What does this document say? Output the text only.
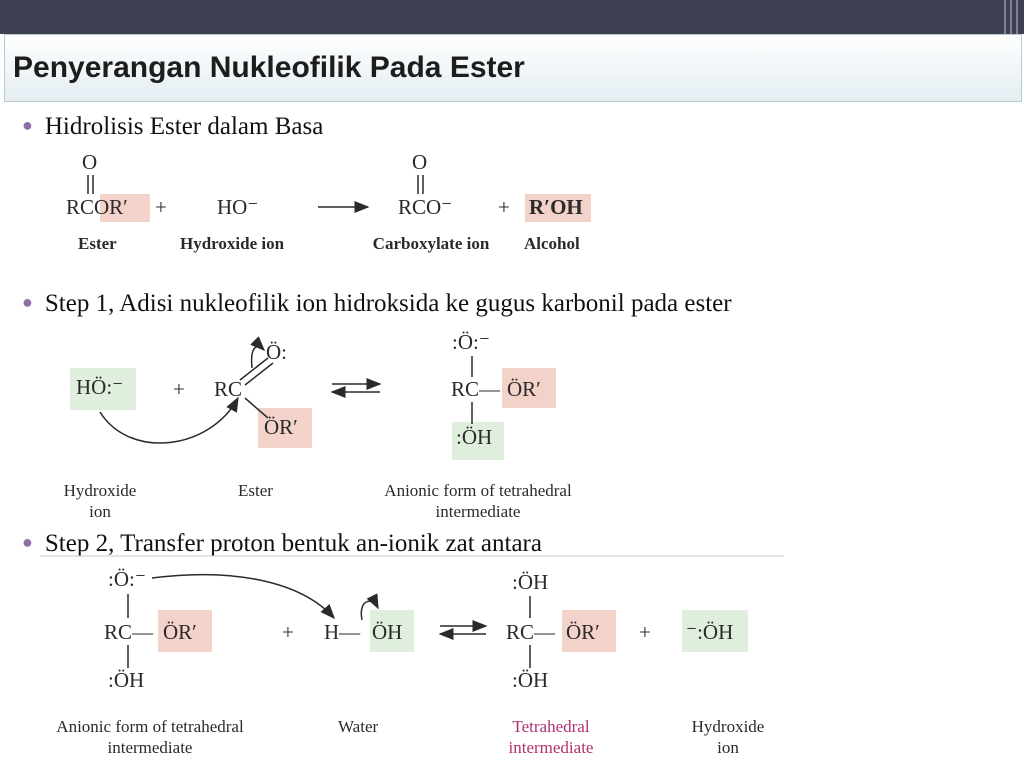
Penyerangan Nukleofilik Pada Ester
● Hidrolisis Ester dalam Basa
O
RCOR′ + HO⁻
O
RCO⁻ + R′OH
Ester	Hydroxide ion	Carboxylate ion Alcohol
● Step 1, Adisi nukleofilik ion hidroksida ke gugus karbonil pada ester
HÖ:⁻ + RC
Ö:
ÖR′
:Ö:⁻
RC— ÖR′
:ÖH
Hydroxide ion
Ester	Anionic form of tetrahedral intermediate
● Step 2, Transfer proton bentuk an-ionik zat antara
:Ö:⁻
RC— ÖR′
:ÖH
+ H— ÖH
:ÖH
RC— ÖR′
:ÖH
+ ⁻:ÖH
Anionic form of tetrahedral intermediate
Water	Tetrahedral intermediate
Hydroxide ion
